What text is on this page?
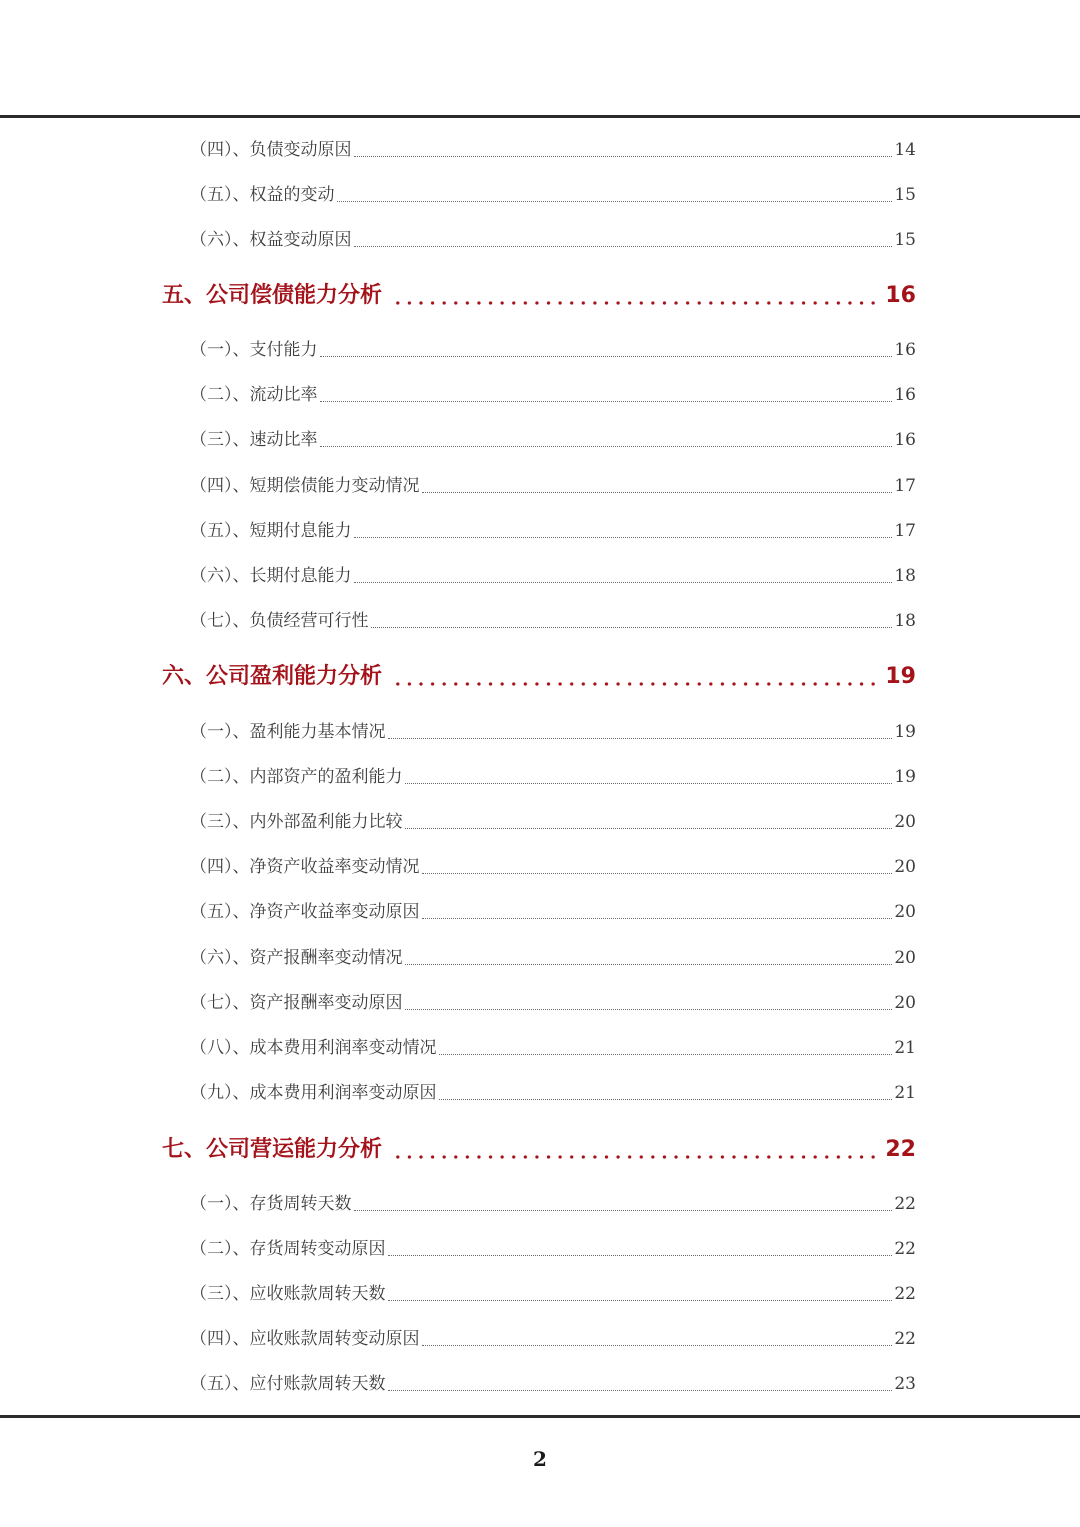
（四）、负债变动原因	14
（五）、权益的变动	15
（六）、权益变动原因	15
五、公司偿债能力分析	16
（一）、支付能力	16
（二）、流动比率	16
（三）、速动比率	16
（四）、短期偿债能力变动情况	17
（五）、短期付息能力	17
（六）、长期付息能力	18
（七）、负债经营可行性	18
六、公司盈利能力分析	19
（一）、盈利能力基本情况	19
（二）、内部资产的盈利能力	19
（三）、内外部盈利能力比较	20
（四）、净资产收益率变动情况	20
（五）、净资产收益率变动原因	20
（六）、资产报酬率变动情况	20
（七）、资产报酬率变动原因	20
（八）、成本费用利润率变动情况	21
（九）、成本费用利润率变动原因	21
七、公司营运能力分析	22
（一）、存货周转天数	22
（二）、存货周转变动原因	22
（三）、应收账款周转天数	22
（四）、应收账款周转变动原因	22
（五）、应付账款周转天数	23
2
